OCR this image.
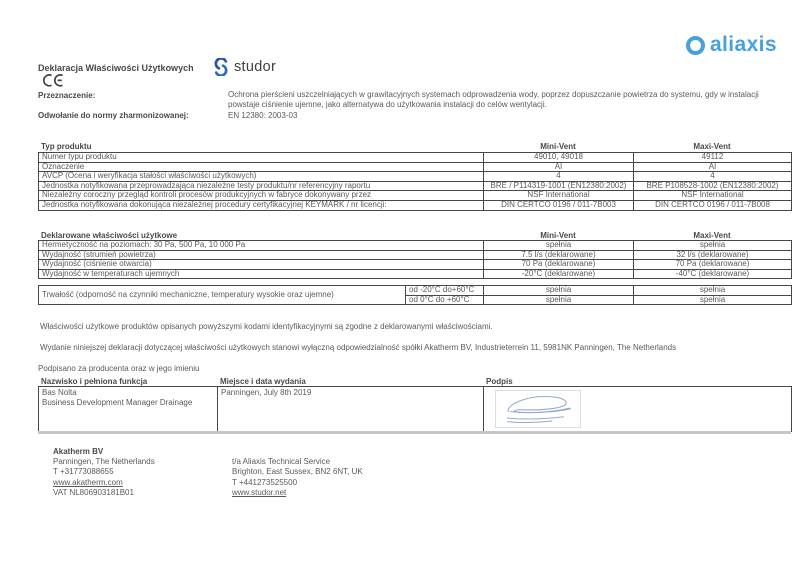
aliaxis
Deklaracja Właściwości Użytkowych	studor
Przeznaczenie:	Ochrona pierścieni uszczelniających w grawitacyjnych systemach odprowadzenia wody, poprzez dopuszczanie powietrza do systemu, gdy w instalacji powstaje ciśnienie ujemne, jako alternatywa do użytkowania instalacji do celów wentylacji.
Odwołanie do normy zharmonizowanej:	EN 12380: 2003-03
Typ produktu	Mini-Vent	Maxi-Vent
Numer typu produktu	49010, 49018	49112
Oznaczenie	AI	AI
AVCP (Ocena i weryfikacja stałości właściwości użytkowych)	4	4
Jednostka notyfikowana przeprowadzająca niezależne testy produktu/nr referencyjny raportu	BRE / P114319-1001 (EN12380:2002)	BRE P108528-1002 (EN12380:2002)
Niezależny coroczny przegląd kontroli procesów produkcyjnych w fabryce dokonywany przez	NSF International	NSF International
Jednostka notyfikowana dokonująca niezależnej procedury certyfikacyjnej KEYMARK / nr licencji:	DIN CERTCO 0196 / 011-7B003	DIN CERTCO 0196 / 011-7B008
Deklarowane właściwości użytkowe	Mini-Vent	Maxi-Vent
Hermetyczność na poziomach: 30 Pa, 500 Pa, 10 000 Pa	spełnia	spełnia
Wydajność (strumień powietrza)	7.5 l/s (deklarowane)	32 l/s (deklarowane)
Wydajność (ciśnienie otwarcia)	70 Pa (deklarowane)	70 Pa (deklarowane)
Wydajność w temperaturach ujemnych	-20°C (deklarowane)	-40°C (deklarowane)
Trwałość (odporność na czynniki mechaniczne, temperatury wysokie oraz ujemne)	od -20°C do+60°C	spełnia	spełnia
	od 0°C do +60°C	spełnia	spełnia
Właściwości użytkowe produktów opisanych powyższymi kodami identyfikacyjnymi są zgodne z deklarowanymi właściwościami.
Wydanie niniejszej deklaracji dotyczącej właściwości użytkowych stanowi wyłączną odpowiedzialność spółki Akatherm BV, Industrieterrein 11, 5981NK Panningen, The Netherlands
Podpisano za producenta oraz w jego imieniu
Nazwisko i pełniona funkcja	Miejsce i data wydania	Podpis
Bas Nolta
Business Development Manager Drainage
	Panningen, July 8th 2019	
Akatherm BV
Panningen, The Netherlands
T +31773088655
www.akatherm.com
VAT NL806903181B01
t/a Aliaxis Technical Service
Brighton, East Sussex, BN2 6NT, UK
T +441273525500
www.studor.net
